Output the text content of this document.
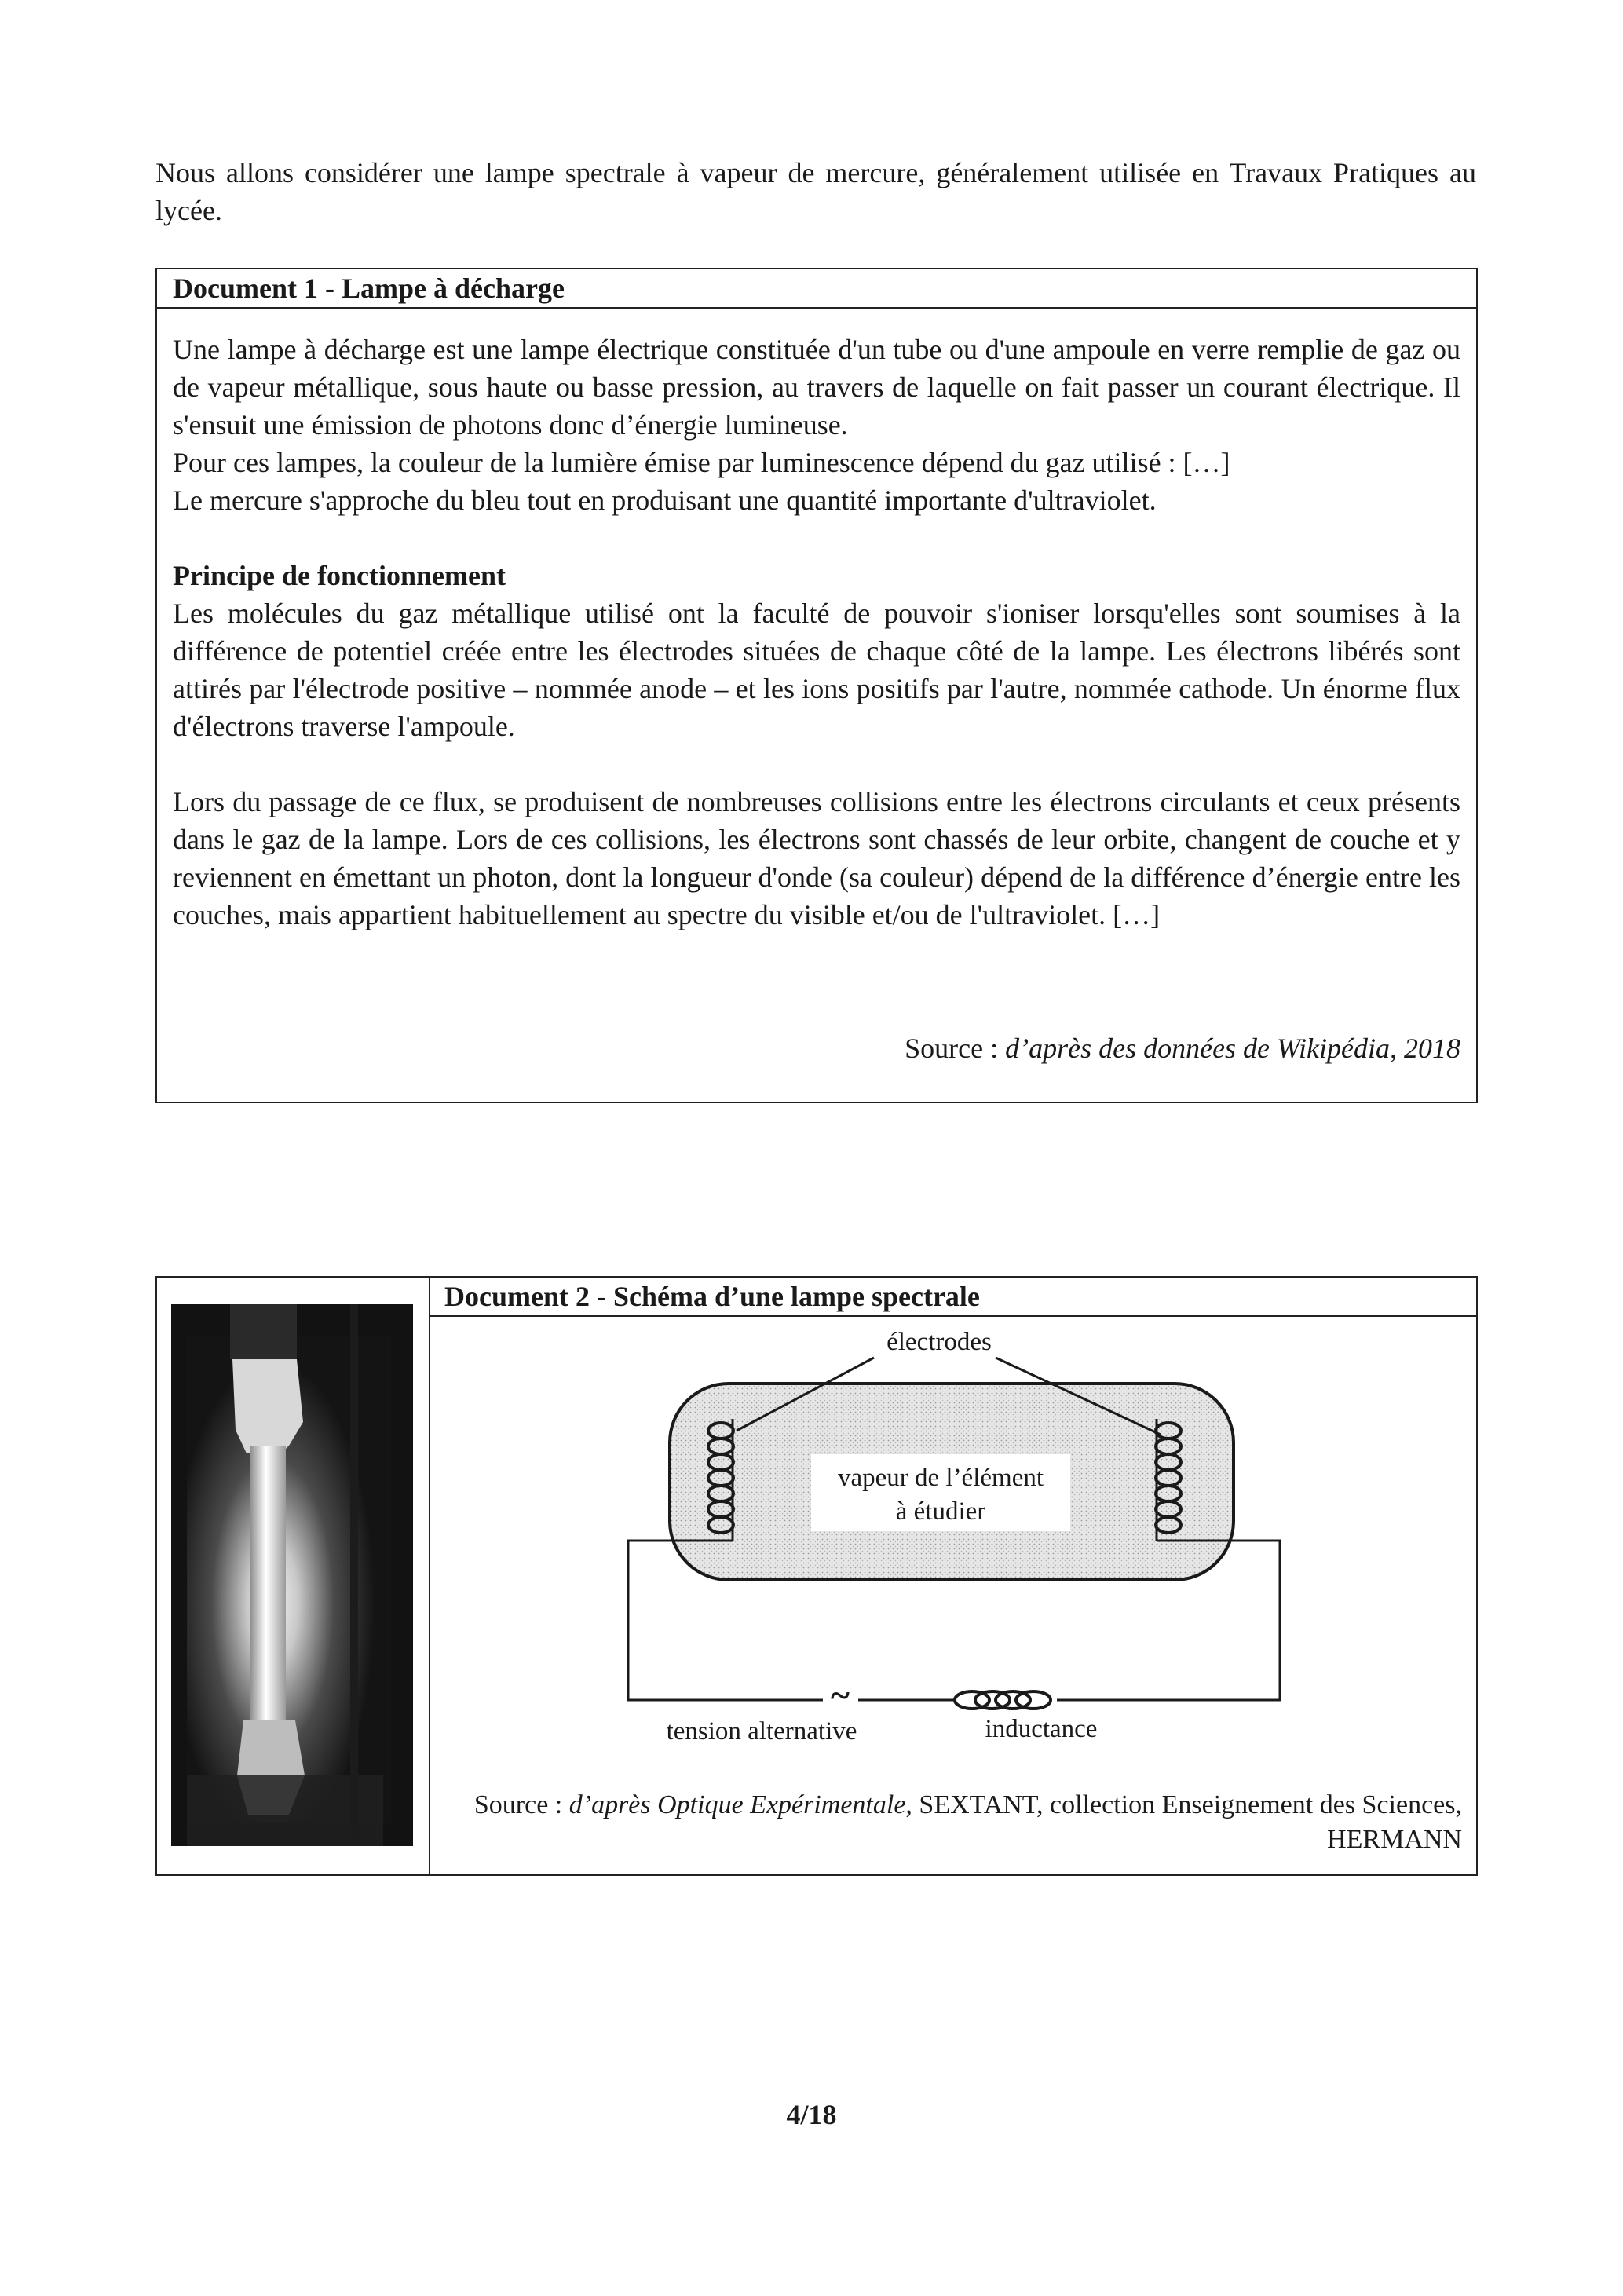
Nous allons considérer une lampe spectrale à vapeur de mercure, généralement utilisée en Travaux Pratiques au lycée.
Document 1 - Lampe à décharge

Une lampe à décharge est une lampe électrique constituée d'un tube ou d'une ampoule en verre remplie de gaz ou de vapeur métallique, sous haute ou basse pression, au travers de laquelle on fait passer un courant électrique. Il s'ensuit une émission de photons donc d’énergie lumineuse.

Pour ces lampes, la couleur de la lumière émise par luminescence dépend du gaz utilisé : […]

Le mercure s'approche du bleu tout en produisant une quantité importante d'ultraviolet.

Principe de fonctionnement

Les molécules du gaz métallique utilisé ont la faculté de pouvoir s'ioniser lorsqu'elles sont soumises à la différence de potentiel créée entre les électrodes situées de chaque côté de la lampe. Les électrons libérés sont attirés par l'électrode positive – nommée anode – et les ions positifs par l'autre, nommée cathode. Un énorme flux d'électrons traverse l'ampoule.

Lors du passage de ce flux, se produisent de nombreuses collisions entre les électrons circulants et ceux présents dans le gaz de la lampe. Lors de ces collisions, les électrons sont chassés de leur orbite, changent de couche et y reviennent en émettant un photon, dont la longueur d'onde (sa couleur) dépend de la différence d’énergie entre les couches, mais appartient habituellement au spectre du visible et/ou de l'ultraviolet. […]

Source : d’après des données de Wikipédia, 2018
Document 2 - Schéma d’une lampe spectrale
électrodes
vapeur de l’élément
à étudier
~
tension alternative	inductance
Source : d’après Optique Expérimentale, SEXTANT, collection Enseignement des Sciences, HERMANN
4/18
